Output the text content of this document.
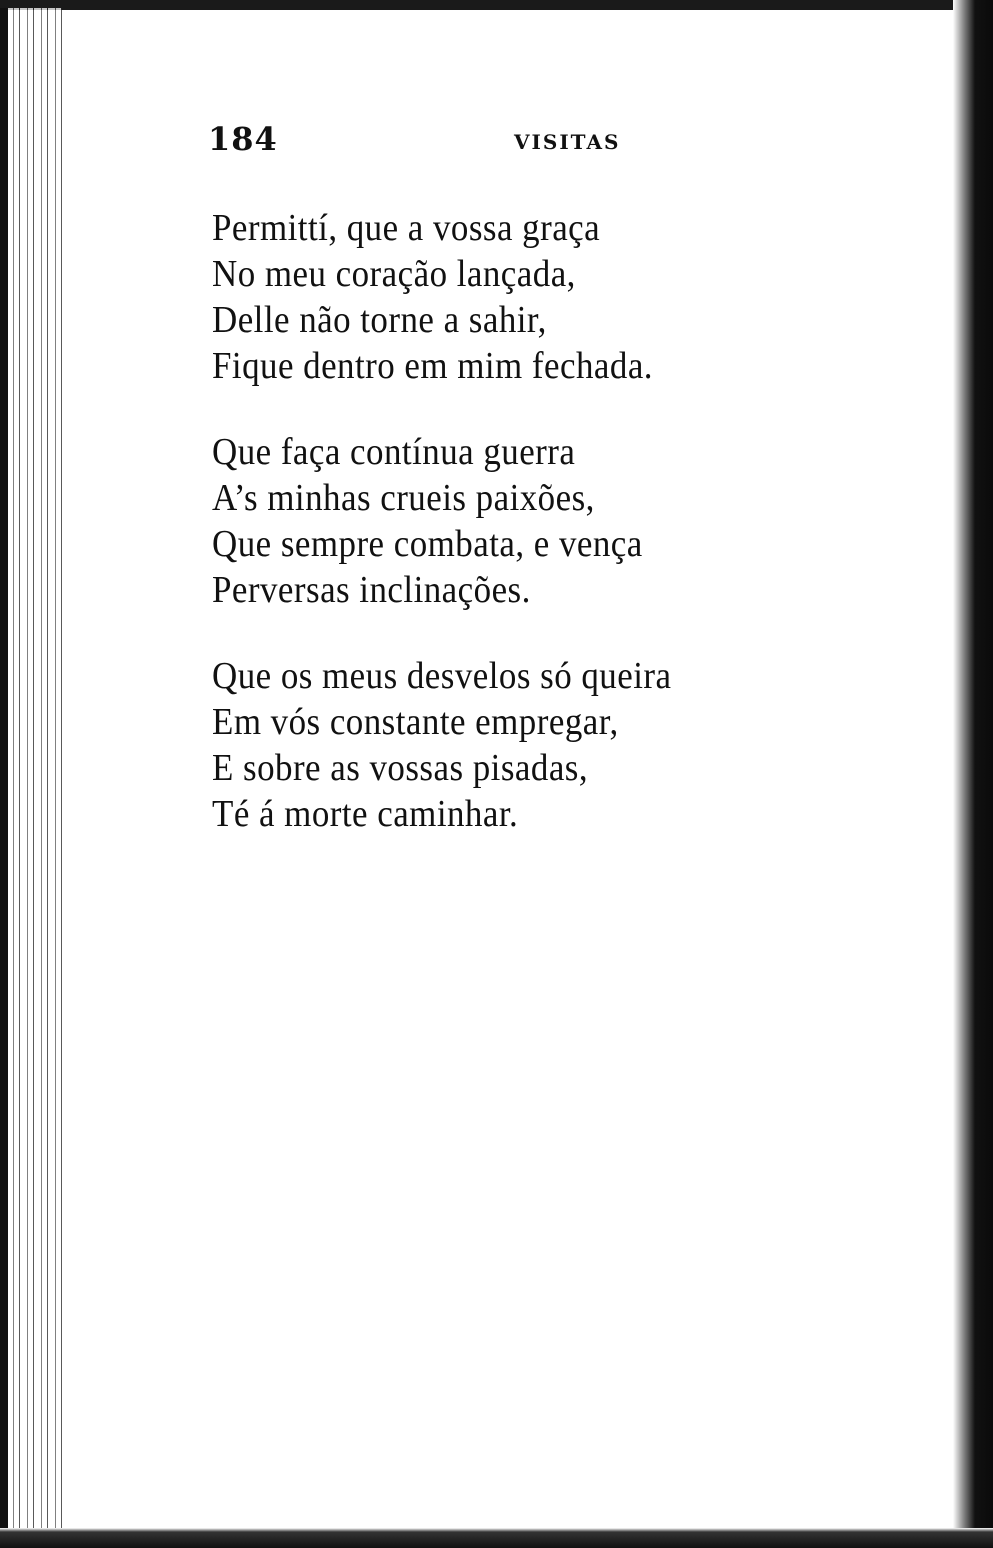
184	VISITAS
Permittí, que a vossa graça
No meu coração lançada,
Delle não torne a sahir,
Fique dentro em mim fechada.
Que faça contínua guerra
A’s minhas crueis paixões,
Que sempre combata, e vença
Perversas inclinações.
Que os meus desvelos só queira
Em vós constante empregar,
E sobre as vossas pisadas,
Té á morte caminhar.
